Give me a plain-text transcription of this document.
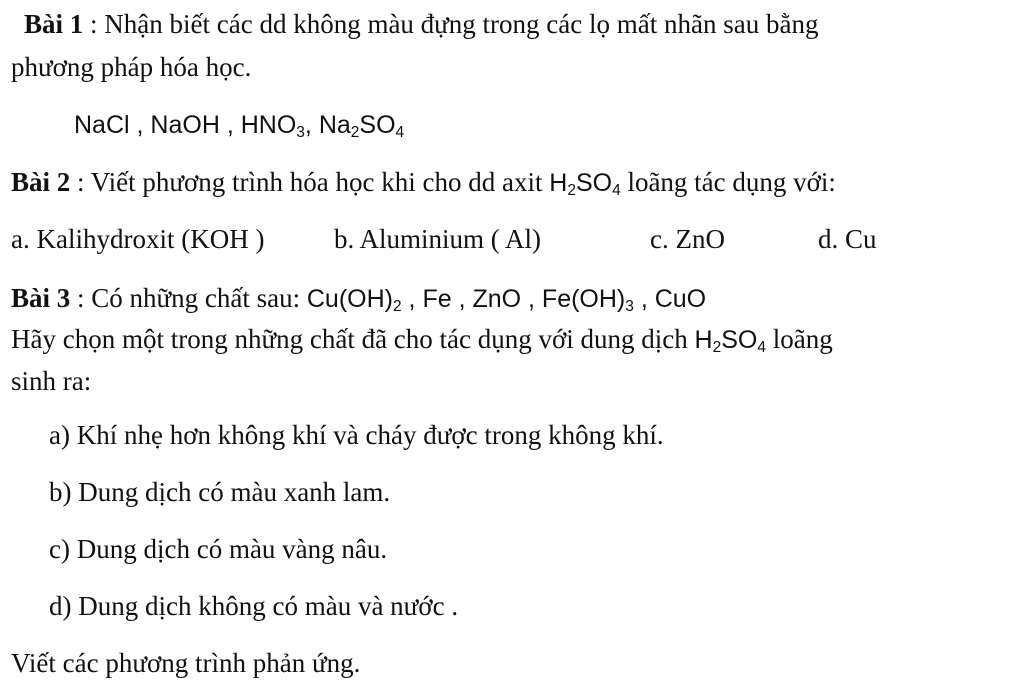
Bài 1 : Nhận biết các dd không màu đựng trong các lọ mất nhãn sau bằng
phương pháp hóa học.
NaCl , NaOH , $HNO_3$, $Na_2SO_4$
Bài 2 : Viết phương trình hóa học khi cho dd axit $H_2SO_4$ loãng tác dụng với:
a. Kalihydroxit (KOH )	b. Aluminium ( Al)	c. ZnO	d. Cu
Bài 3 : Có những chất sau: $Cu(OH)_2$ , Fe , ZnO , $Fe(OH)_3$ , CuO
Hãy chọn một trong những chất đã cho tác dụng với dung dịch $H_2SO_4$ loãng
sinh ra:
a) Khí nhẹ hơn không khí và cháy được trong không khí.
b) Dung dịch có màu xanh lam.
c) Dung dịch có màu vàng nâu.
d) Dung dịch không có màu và nước .
Viết các phương trình phản ứng.
